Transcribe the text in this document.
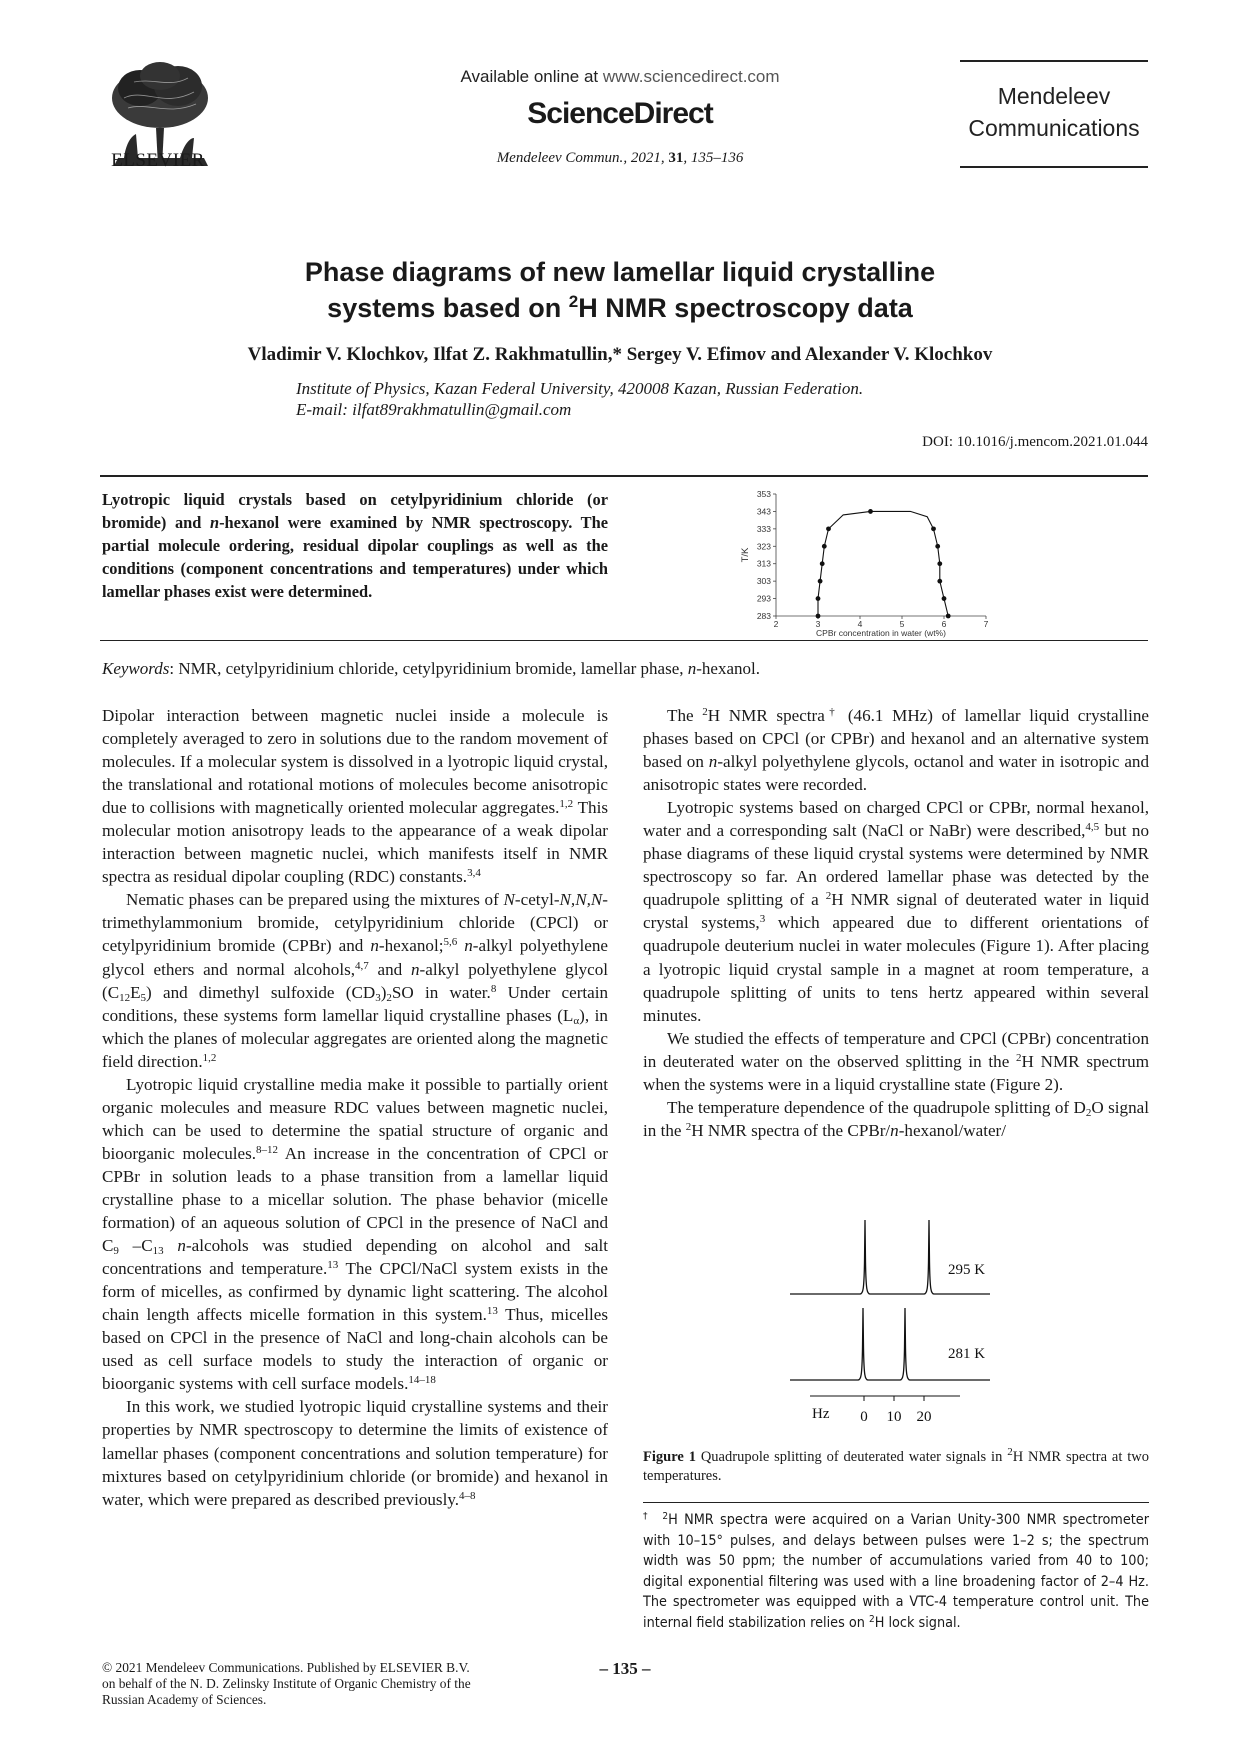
ELSEVIER
Available online at www.sciencedirect.com
ScienceDirect
Mendeleev Commun., 2021, 31, 135–136
Mendeleev Communications
Phase diagrams of new lamellar liquid crystalline
systems based on $^2$H NMR spectroscopy data
Vladimir V. Klochkov, Ilfat Z. Rakhmatullin,* Sergey V. Efimov and Alexander V. Klochkov
Institute of Physics, Kazan Federal University, 420008 Kazan, Russian Federation.
E-mail: ilfat89rakhmatullin@gmail.com
DOI: 10.1016/j.mencom.2021.01.044
Lyotropic liquid crystals based on cetylpyridinium chloride (or bromide) and n-hexanol were examined by NMR spectroscopy. The partial molecule ordering, residual dipolar couplings as well as the conditions (component concentrations and temperatures) under which lamellar phases exist were determined.
353
343
333
323
313
303
293
283
2	3	4	5	6	7
T/K
CPBr concentration in water (wt%)
Keywords: NMR, cetylpyridinium chloride, cetylpyridinium bromide, lamellar phase, n-hexanol.

Dipolar interaction between magnetic nuclei inside a molecule is completely averaged to zero in solutions due to the random movement of molecules. If a molecular system is dissolved in a lyotropic liquid crystal, the translational and rotational motions of molecules become anisotropic due to collisions with magnetically oriented molecular aggregates.$^{1,2}$ This molecular motion anisotropy leads to the appearance of a weak dipolar interaction between magnetic nuclei, which manifests itself in NMR spectra as residual dipolar coupling (RDC) constants.$^{3,4}$

Nematic phases can be prepared using the mixtures of N-cetyl-N,N,N-trimethylammonium bromide, cetylpyridinium chloride (CPCl) or cetylpyridinium bromide (CPBr) and n-hexanol;$^{5,6}$ n-alkyl polyethylene glycol ethers and normal alcohols,$^{4,7}$ and n-alkyl polyethylene glycol $(C_{12}E_5)$ and dimethyl sulfoxide $(CD_3)_2SO$ in water.$^8$ Under certain conditions, these systems form lamellar liquid crystalline phases $(L_\alpha)$, in which the planes of molecular aggregates are oriented along the magnetic field direction.$^{1,2}$

Lyotropic liquid crystalline media make it possible to partially orient organic molecules and measure RDC values between magnetic nuclei, which can be used to determine the spatial structure of organic and bioorganic molecules.$^{8-12}$ An increase in the concentration of CPCl or CPBr in solution leads to a phase transition from a lamellar liquid crystalline phase to a micellar solution. The phase behavior (micelle formation) of an aqueous solution of CPCl in the presence of NaCl and $C_9$ $-C_{13}$ n-alcohols was studied depending on alcohol and salt concentrations and temperature.$^{13}$ The CPCl/NaCl system exists in the form of micelles, as confirmed by dynamic light scattering. The alcohol chain length affects micelle formation in this system.$^{13}$ Thus, micelles based on CPCl in the presence of NaCl and long-chain alcohols can be used as cell surface models to study the interaction of organic or bioorganic systems with cell surface models.$^{14-18}$

In this work, we studied lyotropic liquid crystalline systems and their properties by NMR spectroscopy to determine the limits of existence of lamellar phases (component concentrations and solution temperature) for mixtures based on cetylpyridinium chloride (or bromide) and hexanol in water, which were prepared as described previously.$^{4-8}$

The $^2$H NMR spectra† (46.1 MHz) of lamellar liquid crystalline phases based on CPCl (or CPBr) and hexanol and an alternative system based on n-alkyl polyethylene glycols, octanol and water in isotropic and anisotropic states were recorded.

Lyotropic systems based on charged CPCl or CPBr, normal hexanol, water and a corresponding salt (NaCl or NaBr) were described,$^{4,5}$ but no phase diagrams of these liquid crystal systems were determined by NMR spectroscopy so far. An ordered lamellar phase was detected by the quadrupole splitting of a $^2$H NMR signal of deuterated water in liquid crystal systems,$^3$ which appeared due to different orientations of quadrupole deuterium nuclei in water molecules (Figure 1). After placing a lyotropic liquid crystal sample in a magnet at room temperature, a quadrupole splitting of units to tens hertz appeared within several minutes.

We studied the effects of temperature and CPCl (CPBr) concentration in deuterated water on the observed splitting in the $^2$H NMR spectrum when the systems were in a liquid crystalline state (Figure 2).

The temperature dependence of the quadrupole splitting of $D_2O$ signal in the $^2$H NMR spectra of the CPBr/n-hexanol/water/

295 K
281 K
Hz 0 10 20
Figure 1 Quadrupole splitting of deuterated water signals in $^2$H NMR spectra at two temperatures.
† $^2$H NMR spectra were acquired on a Varian Unity-300 NMR spectrometer with 10–15° pulses, and delays between pulses were 1–2 s; the spectrum width was 50 ppm; the number of accumulations varied from 40 to 100; digital exponential filtering was used with a line broadening factor of 2–4 Hz. The spectrometer was equipped with a VTC-4 temperature control unit. The internal field stabilization relies on $^2$H lock signal.
© 2021 Mendeleev Communications. Published by ELSEVIER B.V.
on behalf of the N. D. Zelinsky Institute of Organic Chemistry of the
Russian Academy of Sciences.
– 135 –
